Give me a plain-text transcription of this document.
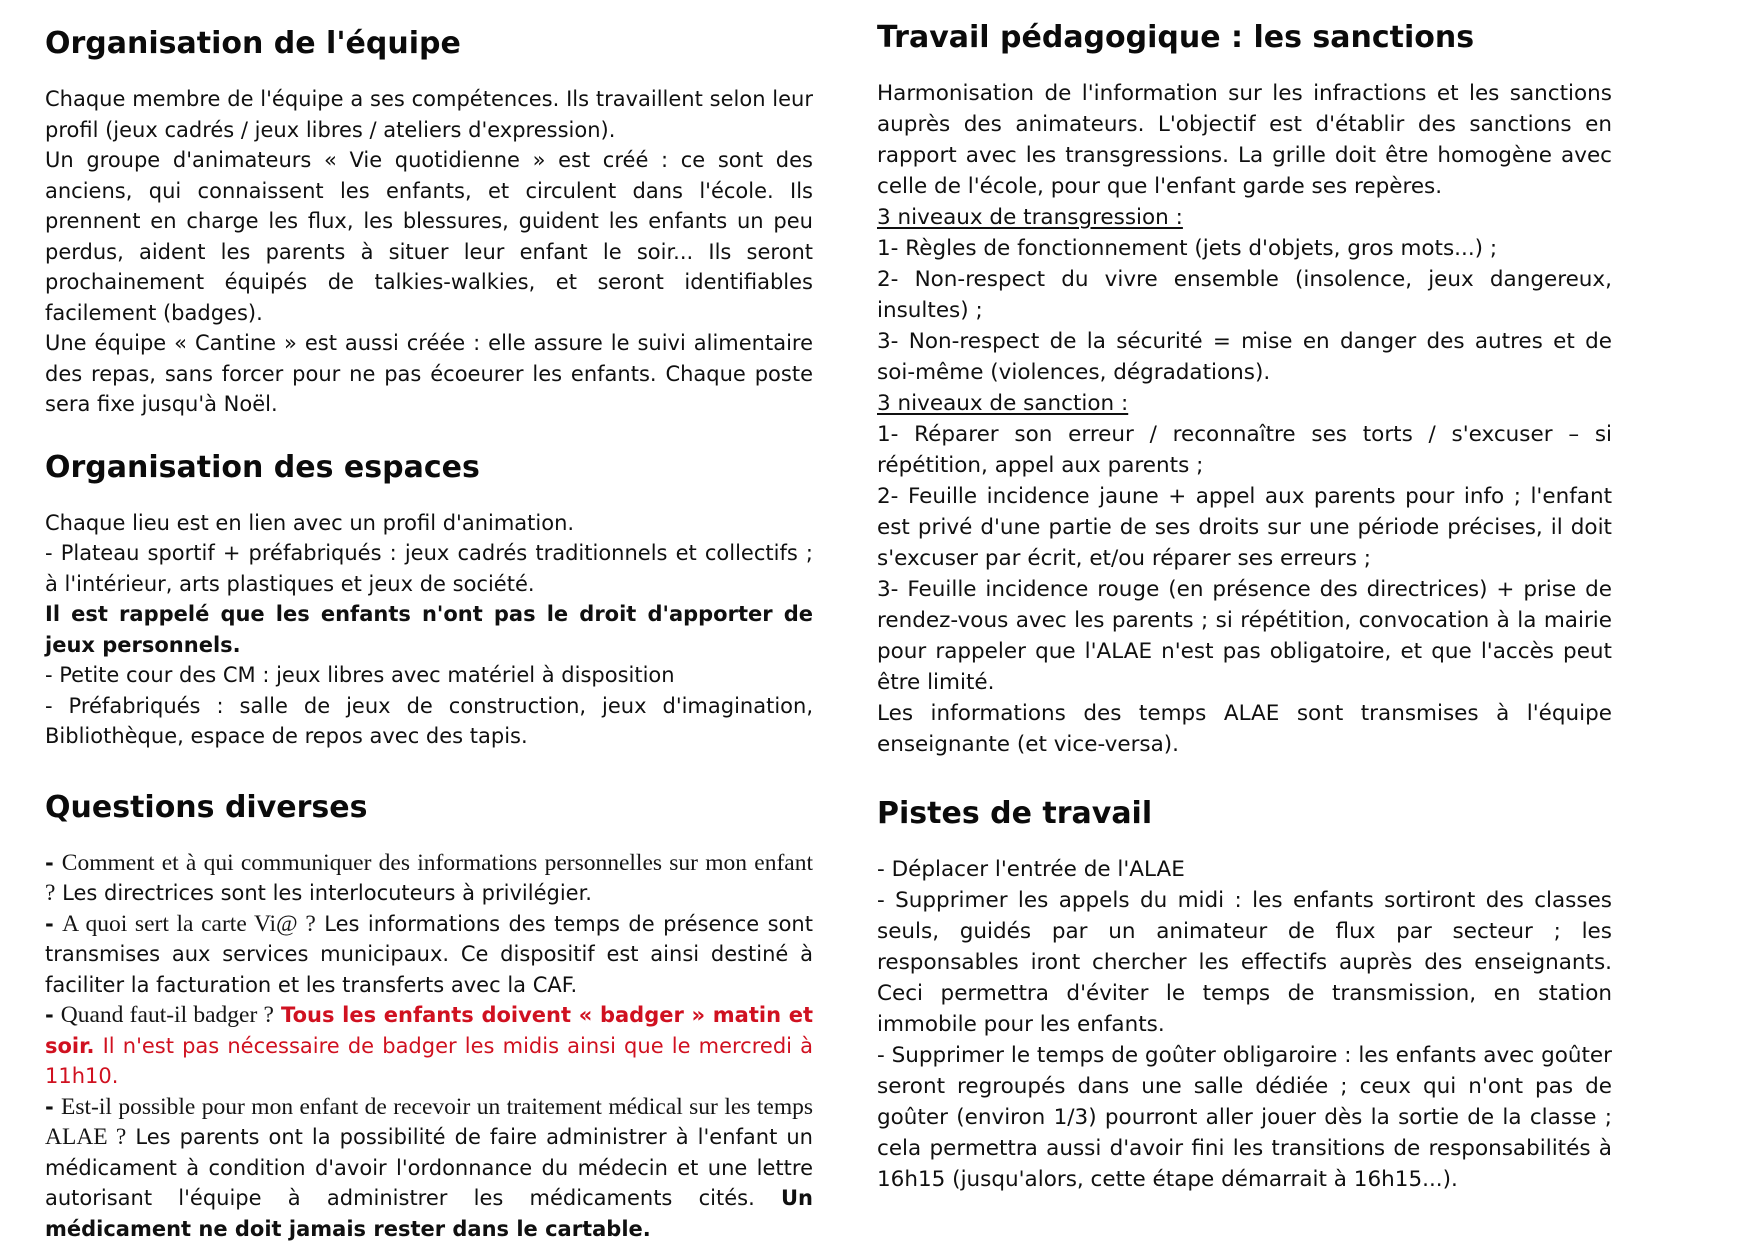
Organisation de l'équipe
Chaque membre de l'équipe a ses compétences. Ils travaillent selon leur profil (jeux cadrés / jeux libres / ateliers d'expression).
Un groupe d'animateurs « Vie quotidienne » est créé : ce sont des anciens, qui connaissent les enfants, et circulent dans l'école. Ils prennent en charge les flux, les blessures, guident les enfants un peu perdus, aident les parents à situer leur enfant le soir... Ils seront prochainement équipés de talkies-walkies, et seront identifiables facilement (badges).
Une équipe « Cantine » est aussi créée : elle assure le suivi alimentaire des repas, sans forcer pour ne pas écoeurer les enfants. Chaque poste sera fixe jusqu'à Noël.
Organisation des espaces
Chaque lieu est en lien avec un profil d'animation.
- Plateau sportif + préfabriqués : jeux cadrés traditionnels et collectifs ; à l'intérieur, arts plastiques et jeux de société.
Il est rappelé que les enfants n'ont pas le droit d'apporter de jeux personnels.
- Petite cour des CM : jeux libres avec matériel à disposition
- Préfabriqués : salle de jeux de construction, jeux d'imagination, Bibliothèque, espace de repos avec des tapis.
Questions diverses
- Comment et à qui communiquer des informations personnelles sur mon enfant ? Les directrices sont les interlocuteurs à privilégier.
- A quoi sert la carte Vi@ ? Les informations des temps de présence sont transmises aux services municipaux. Ce dispositif est ainsi destiné à faciliter la facturation et les transferts avec la CAF.
- Quand faut-il badger ? Tous les enfants doivent « badger » matin et soir. Il n'est pas nécessaire de badger les midis ainsi que le mercredi à 11h10.
- Est-il possible pour mon enfant de recevoir un traitement médical sur les temps ALAE ? Les parents ont la possibilité de faire administrer à l'enfant un médicament à condition d'avoir l'ordonnance du médecin et une lettre autorisant l'équipe à administrer les médicaments cités. Un médicament ne doit jamais rester dans le cartable.
Travail pédagogique : les sanctions
Harmonisation de l'information sur les infractions et les sanctions auprès des animateurs. L'objectif est d'établir des sanctions en rapport avec les transgressions. La grille doit être homogène avec celle de l'école, pour que l'enfant garde ses repères.
3 niveaux de transgression :
1- Règles de fonctionnement (jets d'objets, gros mots...) ;
2- Non-respect du vivre ensemble (insolence, jeux dangereux, insultes) ;
3- Non-respect de la sécurité = mise en danger des autres et de soi-même (violences, dégradations).
3 niveaux de sanction :
1- Réparer son erreur / reconnaître ses torts / s'excuser – si répétition, appel aux parents ;
2- Feuille incidence jaune + appel aux parents pour info ; l'enfant est privé d'une partie de ses droits sur une période précises, il doit s'excuser par écrit, et/ou réparer ses erreurs ;
3- Feuille incidence rouge (en présence des directrices) + prise de rendez-vous avec les parents ; si répétition, convocation à la mairie pour rappeler que l'ALAE n'est pas obligatoire, et que l'accès peut être limité.
Les informations des temps ALAE sont transmises à l'équipe enseignante (et vice-versa).
Pistes de travail
- Déplacer l'entrée de l'ALAE
- Supprimer les appels du midi : les enfants sortiront des classes seuls, guidés par un animateur de flux par secteur ; les responsables iront chercher les effectifs auprès des enseignants. Ceci permettra d'éviter le temps de transmission, en station immobile pour les enfants.
- Supprimer le temps de goûter obligaroire : les enfants avec goûter seront regroupés dans une salle dédiée ; ceux qui n'ont pas de goûter (environ 1/3) pourront aller jouer dès la sortie de la classe ; cela permettra aussi d'avoir fini les transitions de responsabilités à 16h15 (jusqu'alors, cette étape démarrait à 16h15...).
